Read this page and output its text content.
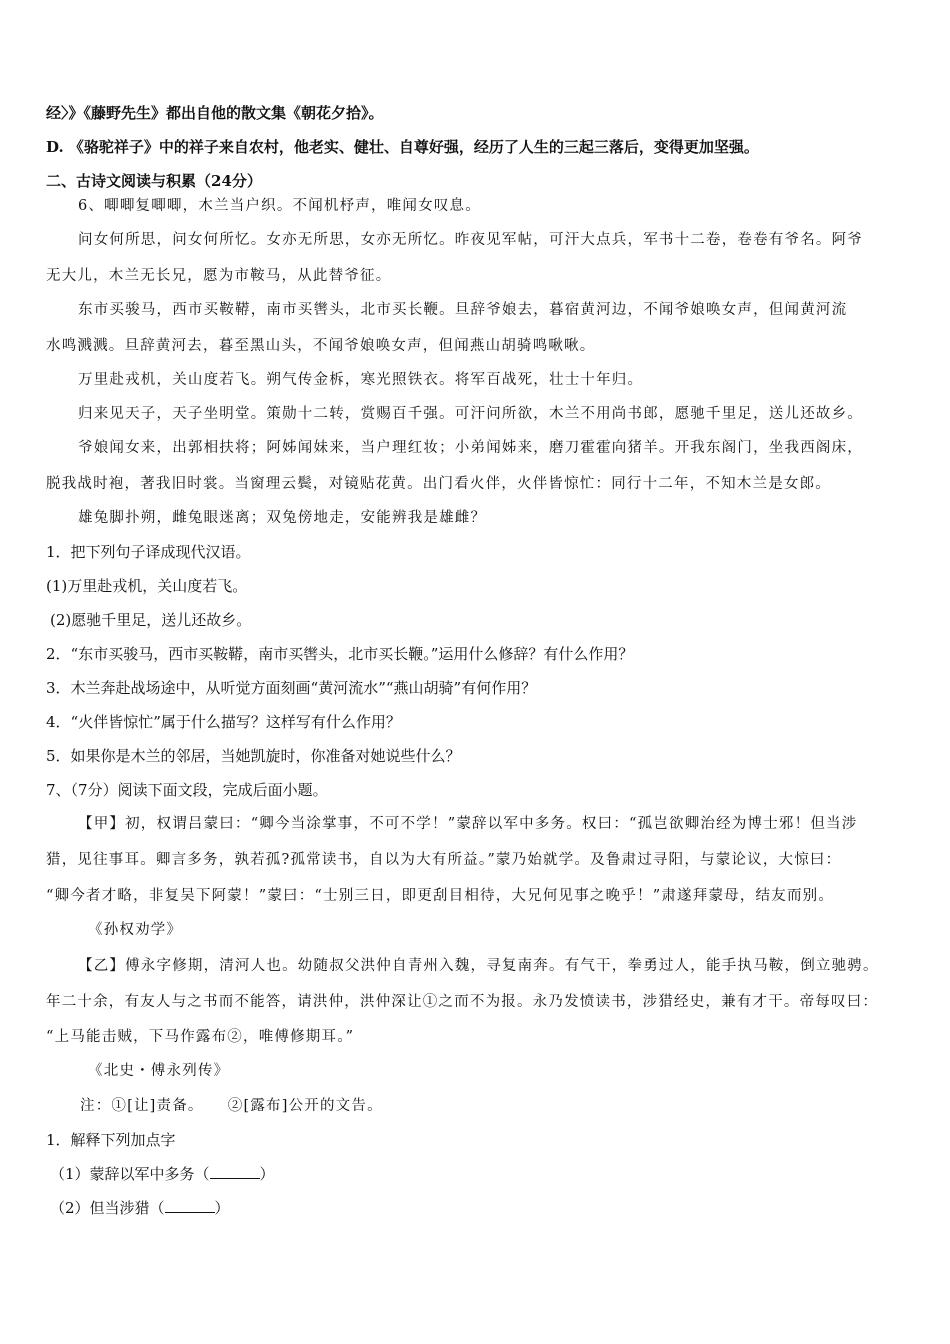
经〉》《藤野先生》都出自他的散文集《朝花夕拾》。
D. 《骆驼祥子》中的祥子来自农村，他老实、健壮、自尊好强，经历了人生的三起三落后，变得更加坚强。
二、古诗文阅读与积累（24分）
6、唧唧复唧唧，木兰当户织。不闻机杼声，唯闻女叹息。
问女何所思，问女何所忆。女亦无所思，女亦无所忆。昨夜见军帖，可汗大点兵，军书十二卷，卷卷有爷名。阿爷
无大儿，木兰无长兄，愿为市鞍马，从此替爷征。
东市买骏马，西市买鞍鞯，南市买辔头，北市买长鞭。旦辞爷娘去，暮宿黄河边，不闻爷娘唤女声，但闻黄河流
水鸣溅溅。旦辞黄河去，暮至黑山头，不闻爷娘唤女声，但闻燕山胡骑鸣啾啾。
万里赴戎机，关山度若飞。朔气传金柝，寒光照铁衣。将军百战死，壮士十年归。
归来见天子，天子坐明堂。策勋十二转，赏赐百千强。可汗问所欲，木兰不用尚书郎，愿驰千里足，送儿还故乡。
爷娘闻女来，出郭相扶将；阿姊闻妹来，当户理红妆；小弟闻姊来，磨刀霍霍向猪羊。开我东阁门，坐我西阁床，
脱我战时袍，著我旧时裳。当窗理云鬓，对镜贴花黄。出门看火伴，火伴皆惊忙：同行十二年，不知木兰是女郎。
雄兔脚扑朔，雌兔眼迷离；双兔傍地走，安能辨我是雄雌？
1．把下列句子译成现代汉语。
(1)万里赴戎机，关山度若飞。
(2)愿驰千里足，送儿还故乡。
2．“东市买骏马，西市买鞍鞯，南市买辔头，北市买长鞭。”运用什么修辞？有什么作用？
3．木兰奔赴战场途中，从听觉方面刻画“黄河流水”“燕山胡骑”有何作用？
4．“火伴皆惊忙”属于什么描写？这样写有什么作用？
5．如果你是木兰的邻居，当她凯旋时，你准备对她说些什么？
7、（7分）阅读下面文段，完成后面小题。
【甲】初，权谓吕蒙曰：“卿今当涂掌事，不可不学！”蒙辞以军中多务。权曰：“孤岂欲卿治经为博士邪！但当涉
猎，见往事耳。卿言多务，孰若孤?孤常读书，自以为大有所益。”蒙乃始就学。及鲁肃过寻阳，与蒙论议，大惊曰：
“卿今者才略，非复吴下阿蒙！”蒙曰：“士别三日，即更刮目相待，大兄何见事之晚乎！”肃遂拜蒙母，结友而别。
《孙权劝学》
【乙】傅永字修期，清河人也。幼随叔父洪仲自青州入魏，寻复南奔。有气干，拳勇过人，能手执马鞍，倒立驰骋。
年二十余，有友人与之书而不能答，请洪仲，洪仲深让①之而不为报。永乃发愤读书，涉猎经史，兼有才干。帝每叹曰：
“上马能击贼，下马作露布②，唯傅修期耳。”
《北史・傅永列传》
注：①[让]责备。　　②[露布]公开的文告。
1．解释下列加点字
（1）蒙辞以军中多务（	）
（2）但当涉猎（	）
